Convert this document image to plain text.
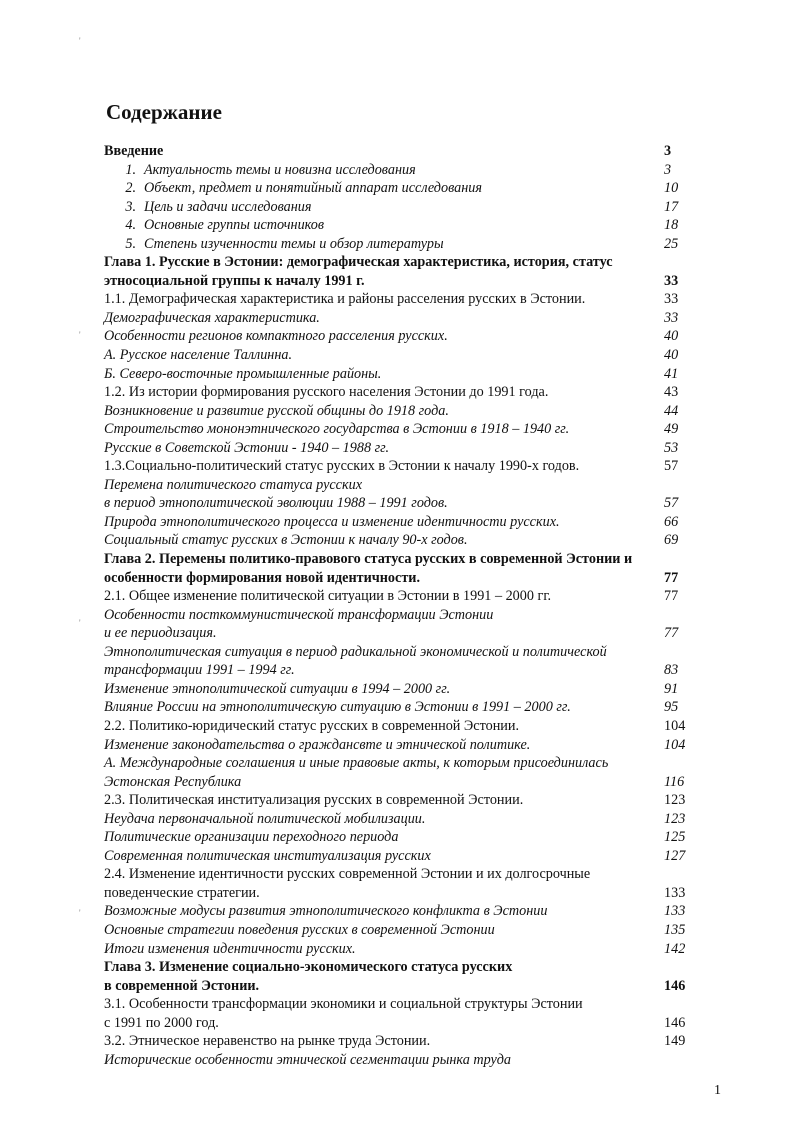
'
'
'
'
Содержание
Введение	3
1. Актуальность темы и новизна исследования	3
2. Объект, предмет и понятийный аппарат исследования	10
3. Цель и задачи исследования	17
4. Основные группы источников	18
5. Степень изученности темы и обзор литературы	25
Глава 1. Русские в Эстонии: демографическая характеристика, история, статус
этносоциальной группы к началу 1991 г.	33
1.1. Демографическая характеристика и районы расселения русских в Эстонии.	33
Демографическая характеристика.	33
Особенности регионов компактного расселения русских.	40
А. Русское население Таллинна.	40
Б. Северо-восточные промышленные районы.	41
1.2. Из истории формирования русского населения Эстонии до 1991 года.	43
Возникновение и развитие русской общины до 1918 года.	44
Строительство мононэтнического государства в Эстонии в 1918 – 1940 гг.	49
Русские в Советской Эстонии - 1940 – 1988 гг.	53
1.3.Социально-политический статус русских в Эстонии к началу 1990-х годов.	57
Перемена политического статуса русских
в период этнополитической эволюции 1988 – 1991 годов.	57
Природа этнополитического процесса и изменение идентичности русских.	66
Социальный статус русских в Эстонии к началу 90-х годов.	69
Глава 2. Перемены политико-правового статуса русских в современной Эстонии и
особенности формирования новой идентичности.	77
2.1. Общее изменение политической ситуации в Эстонии в 1991 – 2000 гг.	77
Особенности посткоммунистической трансформации Эстонии
и ее периодизация.	77
Этнополитическая ситуация в период радикальной экономической и политической
трансформации 1991 – 1994 гг.	83
Изменение этнополитической ситуации в 1994 – 2000 гг.	91
Влияние России на этнополитическую ситуацию в Эстонии в 1991 – 2000 гг.	95
2.2. Политико-юридический статус русских в современной Эстонии.	104
Изменение законодательства о граждансвте и этнической политике.	104
А. Международные соглашения и иные правовые акты, к которым присоединилась
Эстонская Республика	116
2.3. Политическая институализация русских в современной Эстонии.	123
Неудача первоначальной политической мобилизации.	123
Политические организации переходного периода	125
Современная политическая институализация русских	127
2.4. Изменение идентичности русских современной Эстонии и их долгосрочные
поведенческие стратегии.	133
Возможные модусы развития этнополитического конфликта в Эстонии	133
Основные стратегии поведения русских в современной Эстонии	135
Итоги изменения идентичности русских.	142
Глава 3. Изменение социально-экономического статуса русских
в современной Эстонии.	146
3.1. Особенности трансформации экономики и социальной структуры Эстонии
с 1991 по 2000 год.	146
3.2. Этническое неравенство на рынке труда Эстонии.	149
Исторические особенности этнической сегментации рынка труда
1
